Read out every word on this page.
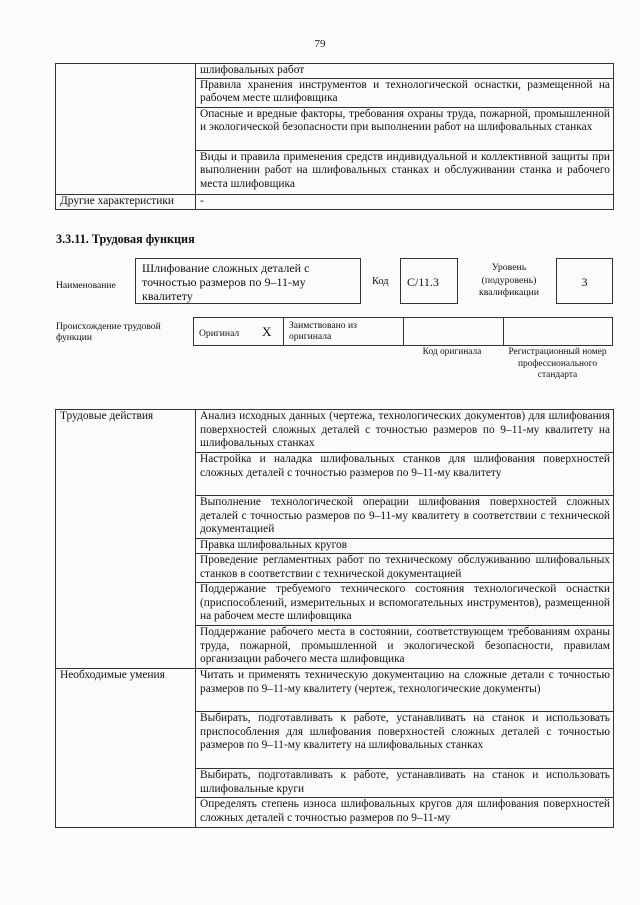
79
	шлифовальных работ
	Правила хранения инструментов и технологической оснастки, размещенной на рабочем месте шлифовщика
	Опасные и вредные факторы, требования охраны труда, пожарной, промышленной и экологической безопасности при выполнении работ на шлифовальных станках
	Виды и правила применения средств индивидуальной и коллективной защиты при выполнении работ на шлифовальных станках и обслуживании станка и рабочего места шлифовщика
Другие характеристики	-
3.3.11. Трудовая функция
Наименование
Шлифование сложных деталей с точностью размеров по 9–11-му квалитету
Код	C/11.3
Уровень (подуровень) квалификации
3
Происхождение трудовой функции	Оригинал X Заимствовано из оригинала
Код оригинала	Регистрационный номер профессионального стандарта
Трудовые действия	Анализ исходных данных (чертежа, технологических документов) для шлифования поверхностей сложных деталей с точностью размеров по 9–11-му квалитету на шлифовальных станках
	Настройка и наладка шлифовальных станков для шлифования поверхностей сложных деталей с точностью размеров по 9–11-му квалитету
	Выполнение технологической операции шлифования поверхностей сложных деталей с точностью размеров по 9–11-му квалитету в соответствии с технической документацией
	Правка шлифовальных кругов
	Проведение регламентных работ по техническому обслуживанию шлифовальных станков в соответствии с технической документацией
	Поддержание требуемого технического состояния технологической оснастки (приспособлений, измерительных и вспомогательных инструментов), размещенной на рабочем месте шлифовщика
	Поддержание рабочего места в состоянии, соответствующем требованиям охраны труда, пожарной, промышленной и экологической безопасности, правилам организации рабочего места шлифовщика
Необходимые умения	Читать и применять техническую документацию на сложные детали с точностью размеров по 9–11-му квалитету (чертеж, технологические документы)
	Выбирать, подготавливать к работе, устанавливать на станок и использовать приспособления для шлифования поверхностей сложных деталей с точностью размеров по 9–11-му квалитету на шлифовальных станках
	Выбирать, подготавливать к работе, устанавливать на станок и использовать шлифовальные круги
	Определять степень износа шлифовальных кругов для шлифования поверхностей сложных деталей с точностью размеров по 9–11-му
